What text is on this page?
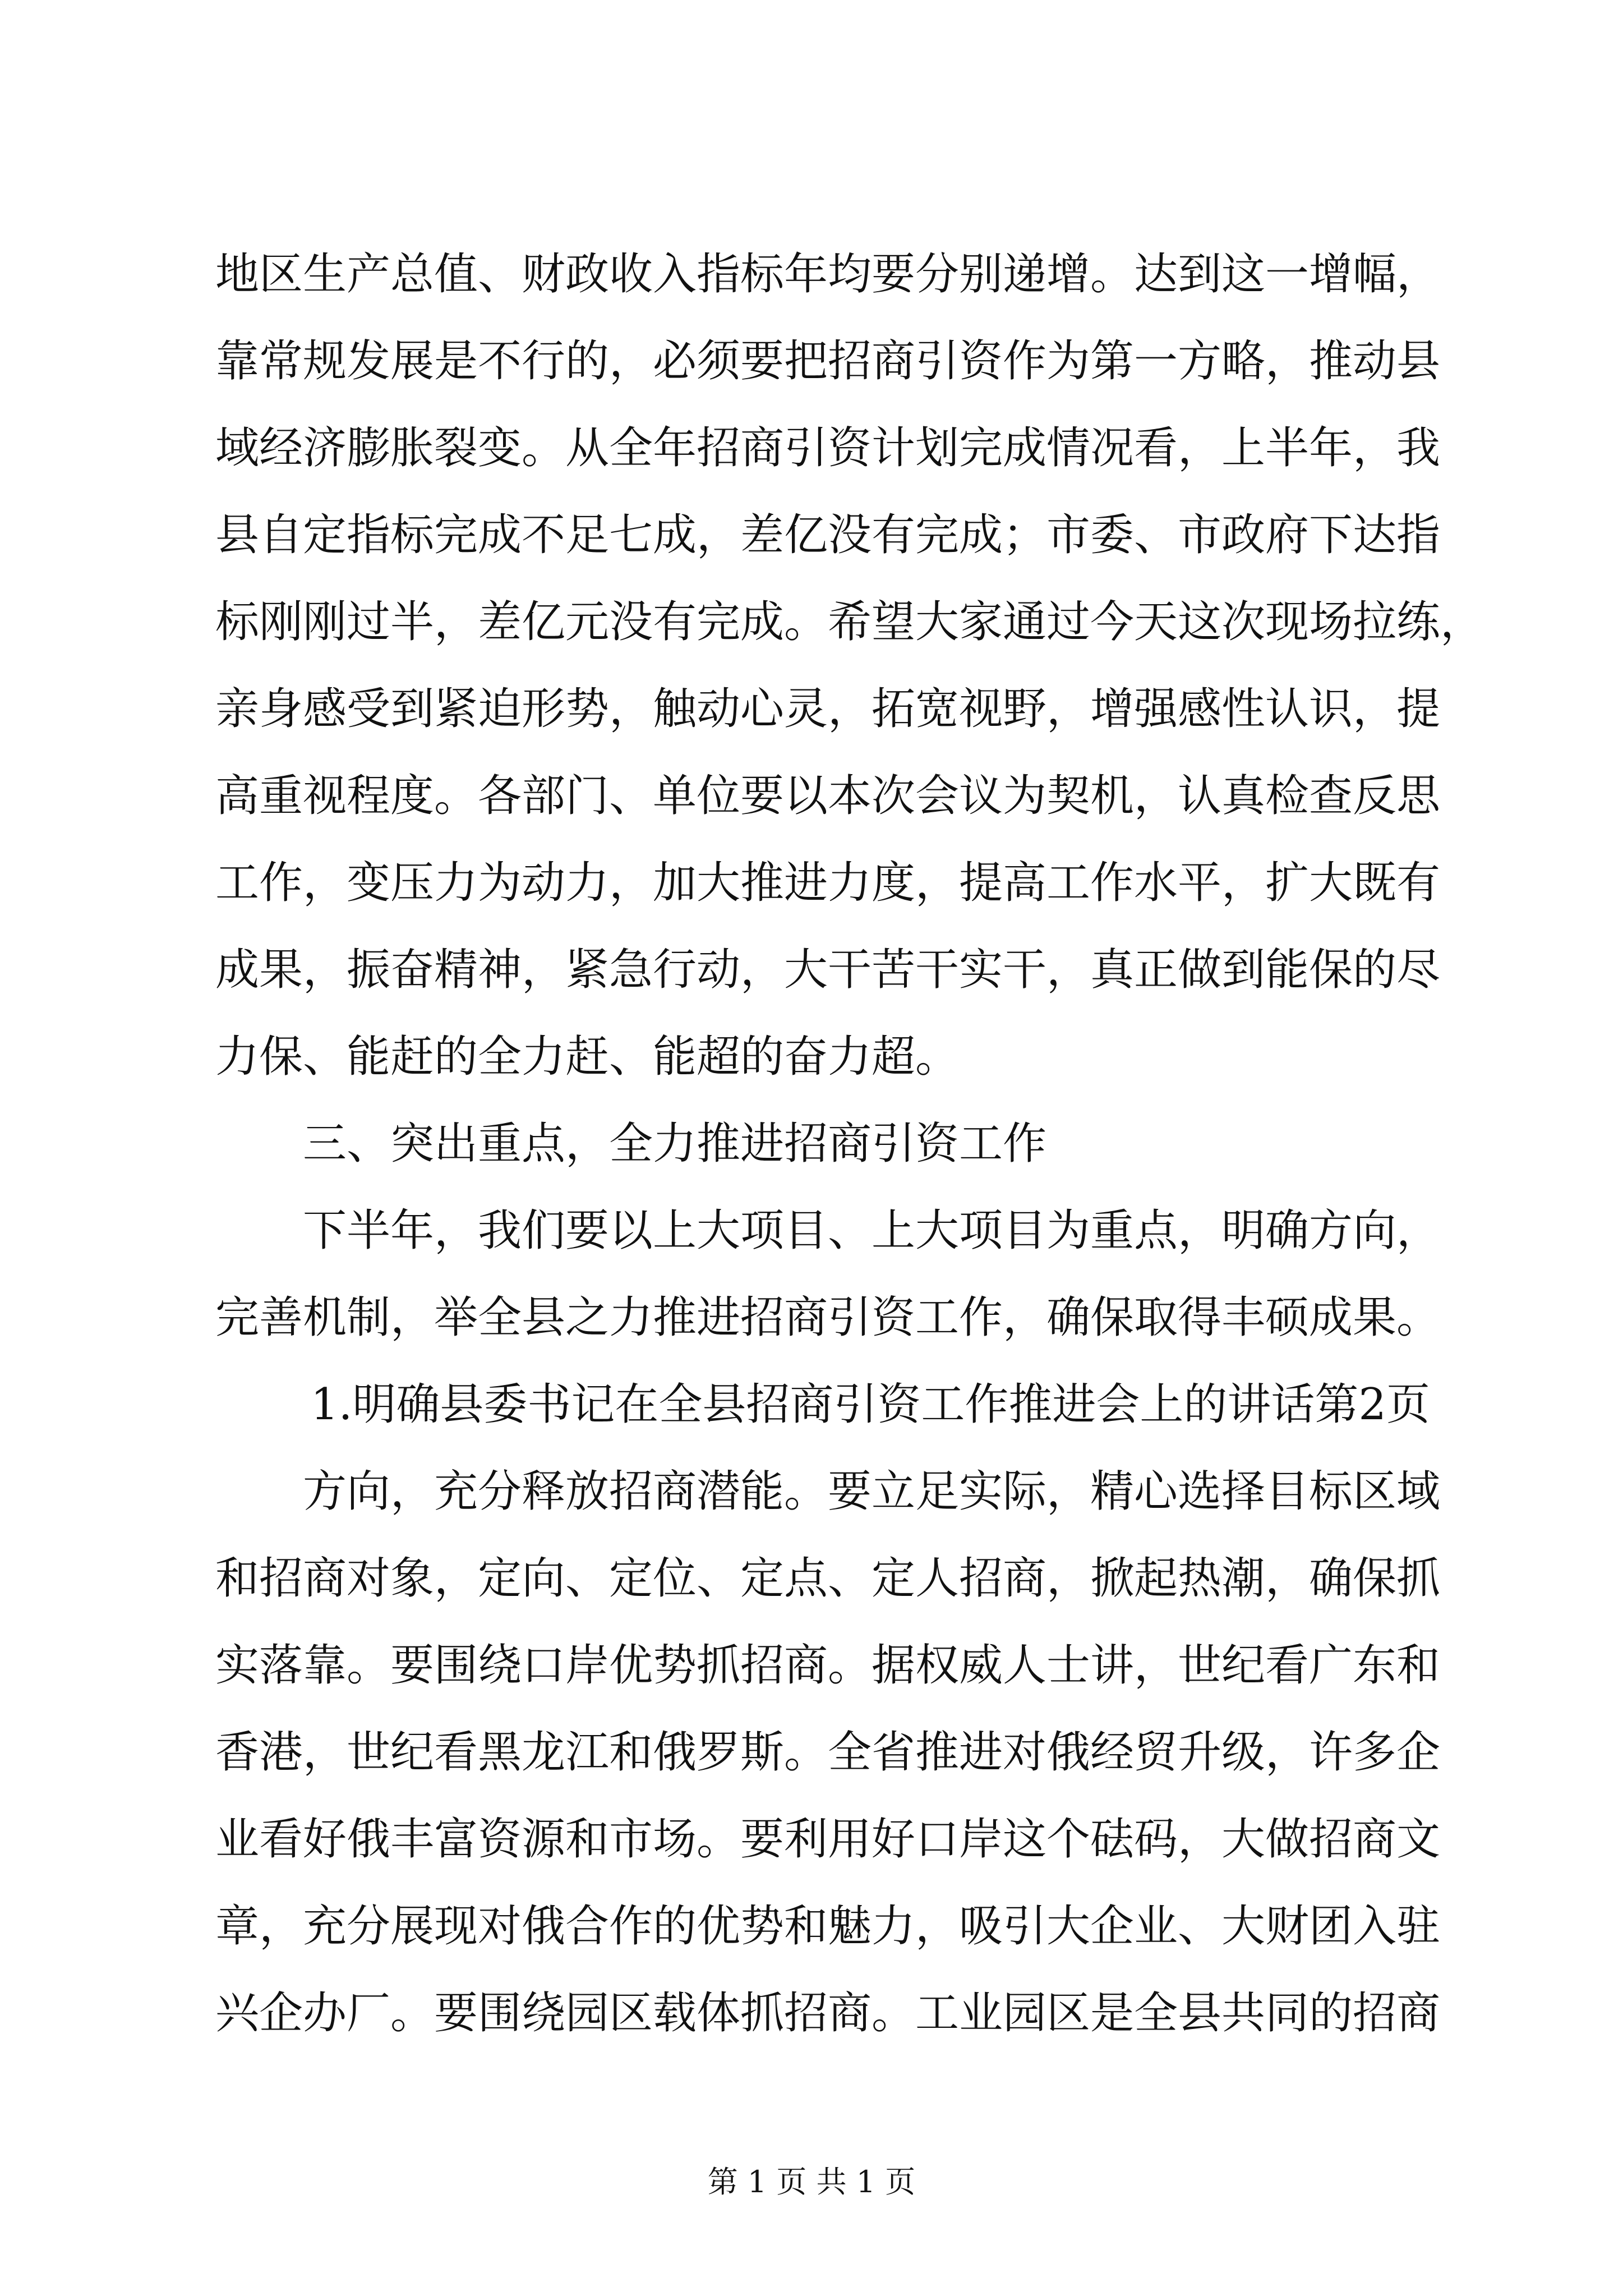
地区生产总值、财政收入指标年均要分别递增。达到这一增幅，
靠常规发展是不行的，必须要把招商引资作为第一方略，推动县
域经济膨胀裂变。从全年招商引资计划完成情况看，上半年，我
县自定指标完成不足七成，差亿没有完成；市委、市政府下达指
标刚刚过半，差亿元没有完成。希望大家通过今天这次现场拉练，
亲身感受到紧迫形势，触动心灵，拓宽视野，增强感性认识，提
高重视程度。各部门、单位要以本次会议为契机，认真检查反思
工作，变压力为动力，加大推进力度，提高工作水平，扩大既有
成果，振奋精神，紧急行动，大干苦干实干，真正做到能保的尽
力保、能赶的全力赶、能超的奋力超。
三、突出重点，全力推进招商引资工作
下半年，我们要以上大项目、上大项目为重点，明确方向，
完善机制，举全县之力推进招商引资工作，确保取得丰硕成果。
1.明确县委书记在全县招商引资工作推进会上的讲话第2页
方向，充分释放招商潜能。要立足实际，精心选择目标区域
和招商对象，定向、定位、定点、定人招商，掀起热潮，确保抓
实落靠。要围绕口岸优势抓招商。据权威人士讲，世纪看广东和
香港，世纪看黑龙江和俄罗斯。全省推进对俄经贸升级，许多企
业看好俄丰富资源和市场。要利用好口岸这个砝码，大做招商文
章，充分展现对俄合作的优势和魅力，吸引大企业、大财团入驻
兴企办厂。要围绕园区载体抓招商。工业园区是全县共同的招商
第 1 页 共 1 页
